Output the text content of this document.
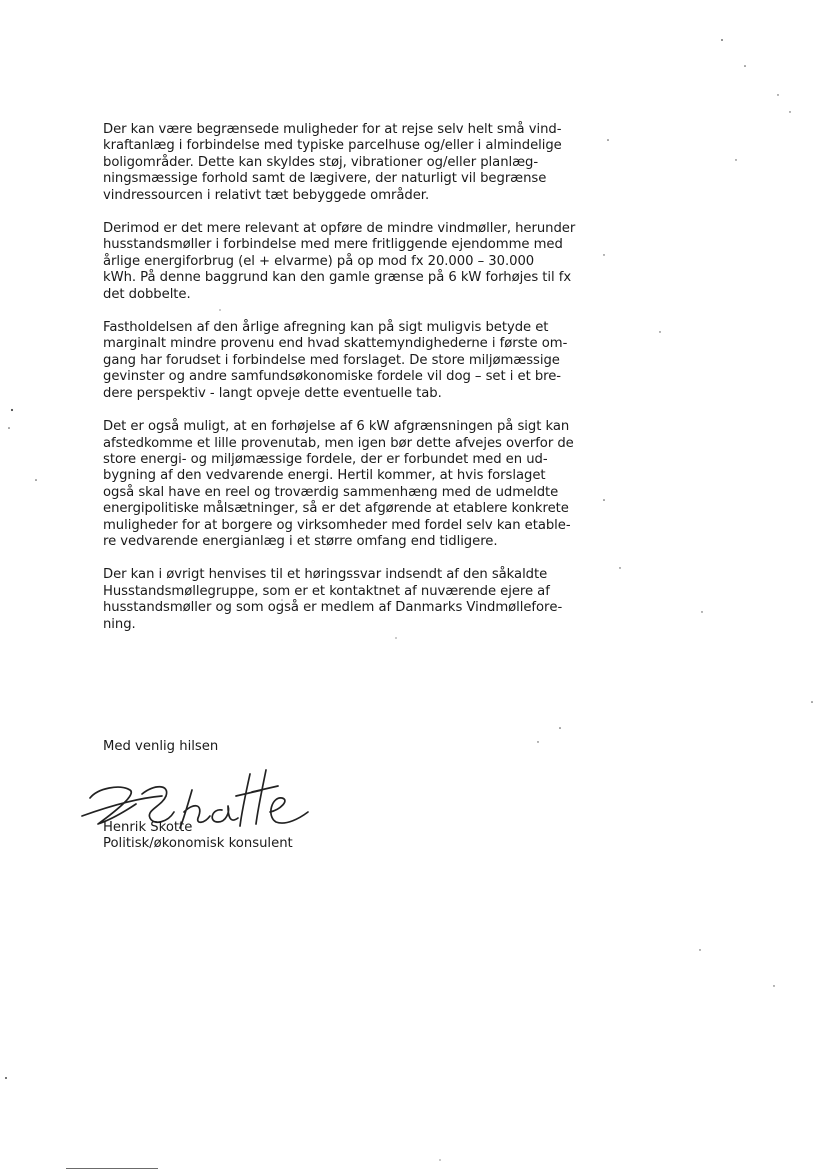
Der kan være begrænsede muligheder for at rejse selv helt små vind-
kraftanlæg i forbindelse med typiske parcelhuse og/eller i almindelige
boligområder. Dette kan skyldes støj, vibrationer og/eller planlæg-
ningsmæssige forhold samt de lægivere, der naturligt vil begrænse
vindressourcen i relativt tæt bebyggede områder.

Derimod er det mere relevant at opføre de mindre vindmøller, herunder
husstandsmøller i forbindelse med mere fritliggende ejendomme med
årlige energiforbrug (el + elvarme) på op mod fx 20.000 – 30.000
kWh. På denne baggrund kan den gamle grænse på 6 kW forhøjes til fx
det dobbelte.

Fastholdelsen af den årlige afregning kan på sigt muligvis betyde et
marginalt mindre provenu end hvad skattemyndighederne i første om-
gang har forudset i forbindelse med forslaget. De store miljømæssige
gevinster og andre samfundsøkonomiske fordele vil dog – set i et bre-
dere perspektiv - langt opveje dette eventuelle tab.

Det er også muligt, at en forhøjelse af 6 kW afgrænsningen på sigt kan
afstedkomme et lille provenutab, men igen bør dette afvejes overfor de
store energi- og miljømæssige fordele, der er forbundet med en ud-
bygning af den vedvarende energi. Hertil kommer, at hvis forslaget
også skal have en reel og troværdig sammenhæng med de udmeldte
energipolitiske målsætninger, så er det afgørende at etablere konkrete
muligheder for at borgere og virksomheder med fordel selv kan etable-
re vedvarende energianlæg i et større omfang end tidligere.

Der kan i øvrigt henvises til et høringssvar indsendt af den såkaldte
Husstandsmøllegruppe, som er et kontaktnet af nuværende ejere af
husstandsmøller og som også er medlem af Danmarks Vindmølleforе-
ning.

Med venlig hilsen
Henrik Skotte
Politisk/økonomisk konsulent
